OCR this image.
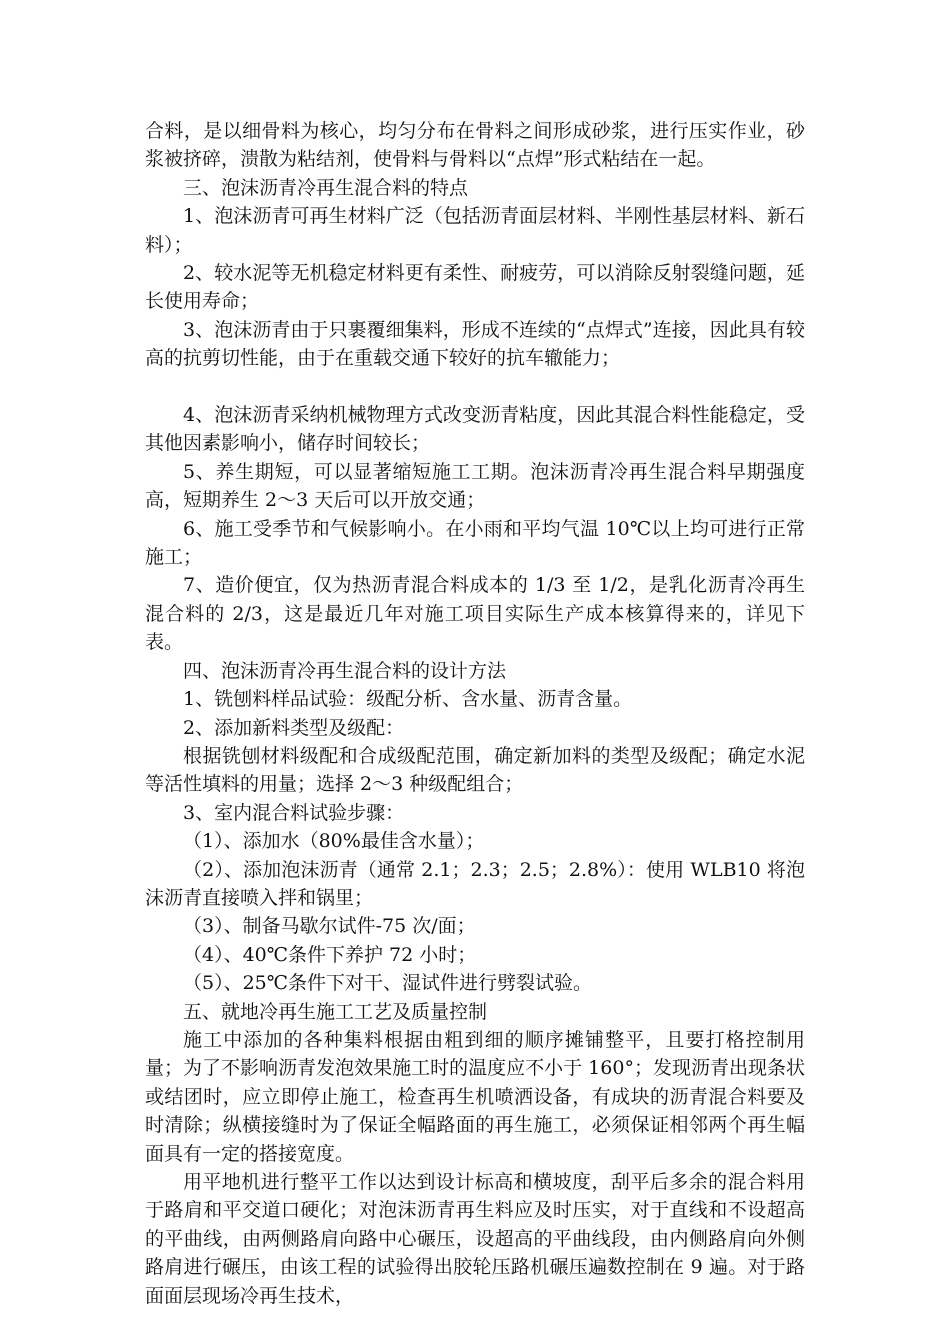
合料，是以细骨料为核心，均匀分布在骨料之间形成砂浆，进行压实作业，砂浆被挤碎，溃散为粘结剂，使骨料与骨料以“点焊”形式粘结在一起。

三、泡沫沥青冷再生混合料的特点

1、泡沫沥青可再生材料广泛（包括沥青面层材料、半刚性基层材料、新石料）；

2、较水泥等无机稳定材料更有柔性、耐疲劳，可以消除反射裂缝问题，延长使用寿命；

3、泡沫沥青由于只裹覆细集料，形成不连续的“点焊式”连接，因此具有较高的抗剪切性能，由于在重载交通下较好的抗车辙能力；

4、泡沫沥青采纳机械物理方式改变沥青粘度，因此其混合料性能稳定，受其他因素影响小，储存时间较长；

5、养生期短，可以显著缩短施工工期。泡沫沥青冷再生混合料早期强度高，短期养生 2～3 天后可以开放交通；

6、施工受季节和气候影响小。在小雨和平均气温 10℃以上均可进行正常施工；

7、造价便宜，仅为热沥青混合料成本的 1/3 至 1/2，是乳化沥青冷再生混合料的 2/3，这是最近几年对施工项目实际生产成本核算得来的，详见下表。

四、泡沫沥青冷再生混合料的设计方法

1、铣刨料样品试验：级配分析、含水量、沥青含量。

2、添加新料类型及级配：

根据铣刨材料级配和合成级配范围，确定新加料的类型及级配；确定水泥等活性填料的用量；选择 2～3 种级配组合；

3、室内混合料试验步骤：

（1）、添加水（80%最佳含水量）；

（2）、添加泡沫沥青（通常 2.1；2.3；2.5；2.8%）：使用 WLB10 将泡沫沥青直接喷入拌和锅里；

（3）、制备马歇尔试件-75 次/面；

（4）、40℃条件下养护 72 小时；

（5）、25℃条件下对干、湿试件进行劈裂试验。

五、就地冷再生施工工艺及质量控制

施工中添加的各种集料根据由粗到细的顺序摊铺整平，且要打格控制用量；为了不影响沥青发泡效果施工时的温度应不小于 160°；发现沥青出现条状或结团时，应立即停止施工，检查再生机喷洒设备，有成块的沥青混合料要及时清除；纵横接缝时为了保证全幅路面的再生施工，必须保证相邻两个再生幅面具有一定的搭接宽度。

用平地机进行整平工作以达到设计标高和横坡度，刮平后多余的混合料用于路肩和平交道口硬化；对泡沫沥青再生料应及时压实，对于直线和不设超高的平曲线，由两侧路肩向路中心碾压，设超高的平曲线段，由内侧路肩向外侧路肩进行碾压，由该工程的试验得出胶轮压路机碾压遍数控制在 9 遍。对于路面面层现场冷再生技术，
